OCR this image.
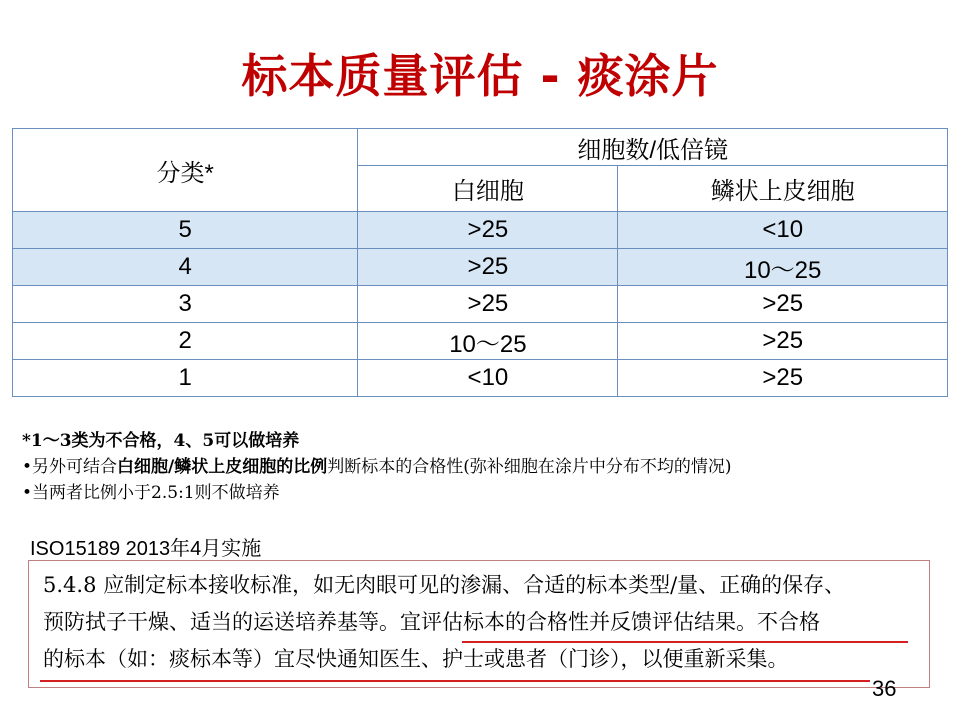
标本质量评估 - 痰涂片
分类*	细胞数/低倍镜	
	白细胞	鳞状上皮细胞
5	>25	<10
4	>25	10～25
3	>25	>25
2	10～25	>25
1	<10	>25
*1～3类为不合格，4、5可以做培养
•另外可结合白细胞/鳞状上皮细胞的比例判断标本的合格性(弥补细胞在涂片中分布不均的情况)
•当两者比例小于2.5:1则不做培养
ISO15189 2013年4月实施
5.4.8 应制定标本接收标准，如无肉眼可见的渗漏、合适的标本类型/量、正确的保存、
预防拭子干燥、适当的运送培养基等。宜评估标本的合格性并反馈评估结果。不合格
的标本（如：痰标本等）宜尽快通知医生、护士或患者（门诊），以便重新采集。
36
